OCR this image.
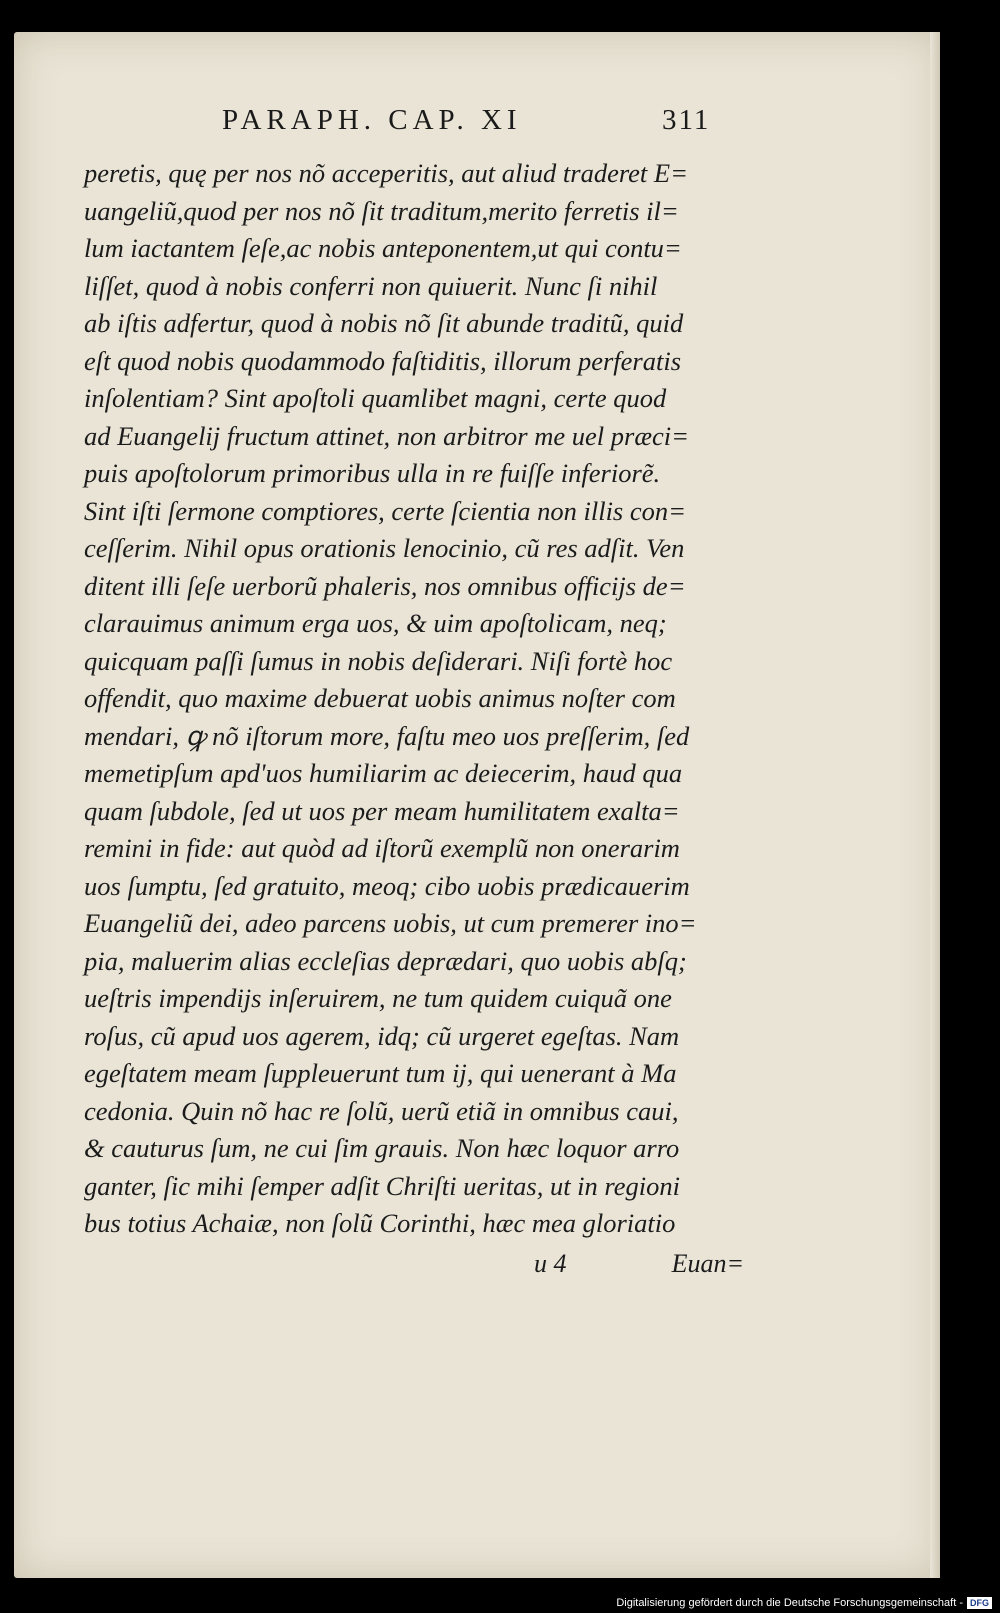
PARAPH. CAP. XI	311
peretis, quę per nos nõ acceperitis, aut aliud traderet E=
uangeliũ,quod per nos nõ ſit traditum,merito ferretis il=
lum iactantem ſeſe,ac nobis anteponentem,ut qui contu=
liſſet, quod à nobis conferri non quiuerit. Nunc ſi nihil
ab iſtis adfertur, quod à nobis nõ ſit abunde traditũ, quid
eſt quod nobis quodammodo faſtiditis, illorum perferatis
inſolentiam? Sint apoſtoli quamlibet magni, certe quod
ad Euangelij fructum attinet, non arbitror me uel præci=
puis apoſtolorum primoribus ulla in re fuiſſe inferiorẽ.
Sint iſti ſermone comptiores, certe ſcientia non illis con=
ceſſerim. Nihil opus orationis lenocinio, cũ res adſit. Ven
ditent illi ſeſe uerborũ phaleris, nos omnibus officijs de=
clarauimus animum erga uos, & uim apoſtolicam, neq;
quicquam paſſi ſumus in nobis deſiderari. Niſi fortè hoc
offendit, quo maxime debuerat uobis animus noſter com
mendari, ꝙ nõ iſtorum more, faſtu meo uos preſſerim, ſed
memetipſum apd'uos humiliarim ac deiecerim, haud qua
quam ſubdole, ſed ut uos per meam humilitatem exalta=
remini in fide: aut quòd ad iſtorũ exemplũ non onerarim
uos ſumptu, ſed gratuito, meoq; cibo uobis prædicauerim
Euangeliũ dei, adeo parcens uobis, ut cum premerer ino=
pia, maluerim alias eccleſias deprædari, quo uobis abſq;
ueſtris impendijs inſeruirem, ne tum quidem cuiquã one
roſus, cũ apud uos agerem, idq; cũ urgeret egeſtas. Nam
egeſtatem meam ſuppleuerunt tum ij, qui uenerant à Ma
cedonia. Quin nõ hac re ſolũ, uerũ etiã in omnibus caui,
& cauturus ſum, ne cui ſim grauis. Non hæc loquor arro
ganter, ſic mihi ſemper adſit Chriſti ueritas, ut in regioni
bus totius Achaiæ, non ſolũ Corinthi, hæc mea gloriatio
u 4	Euan=
Digitalisierung gefördert durch die Deutsche Forschungsgemeinschaft - DFG
